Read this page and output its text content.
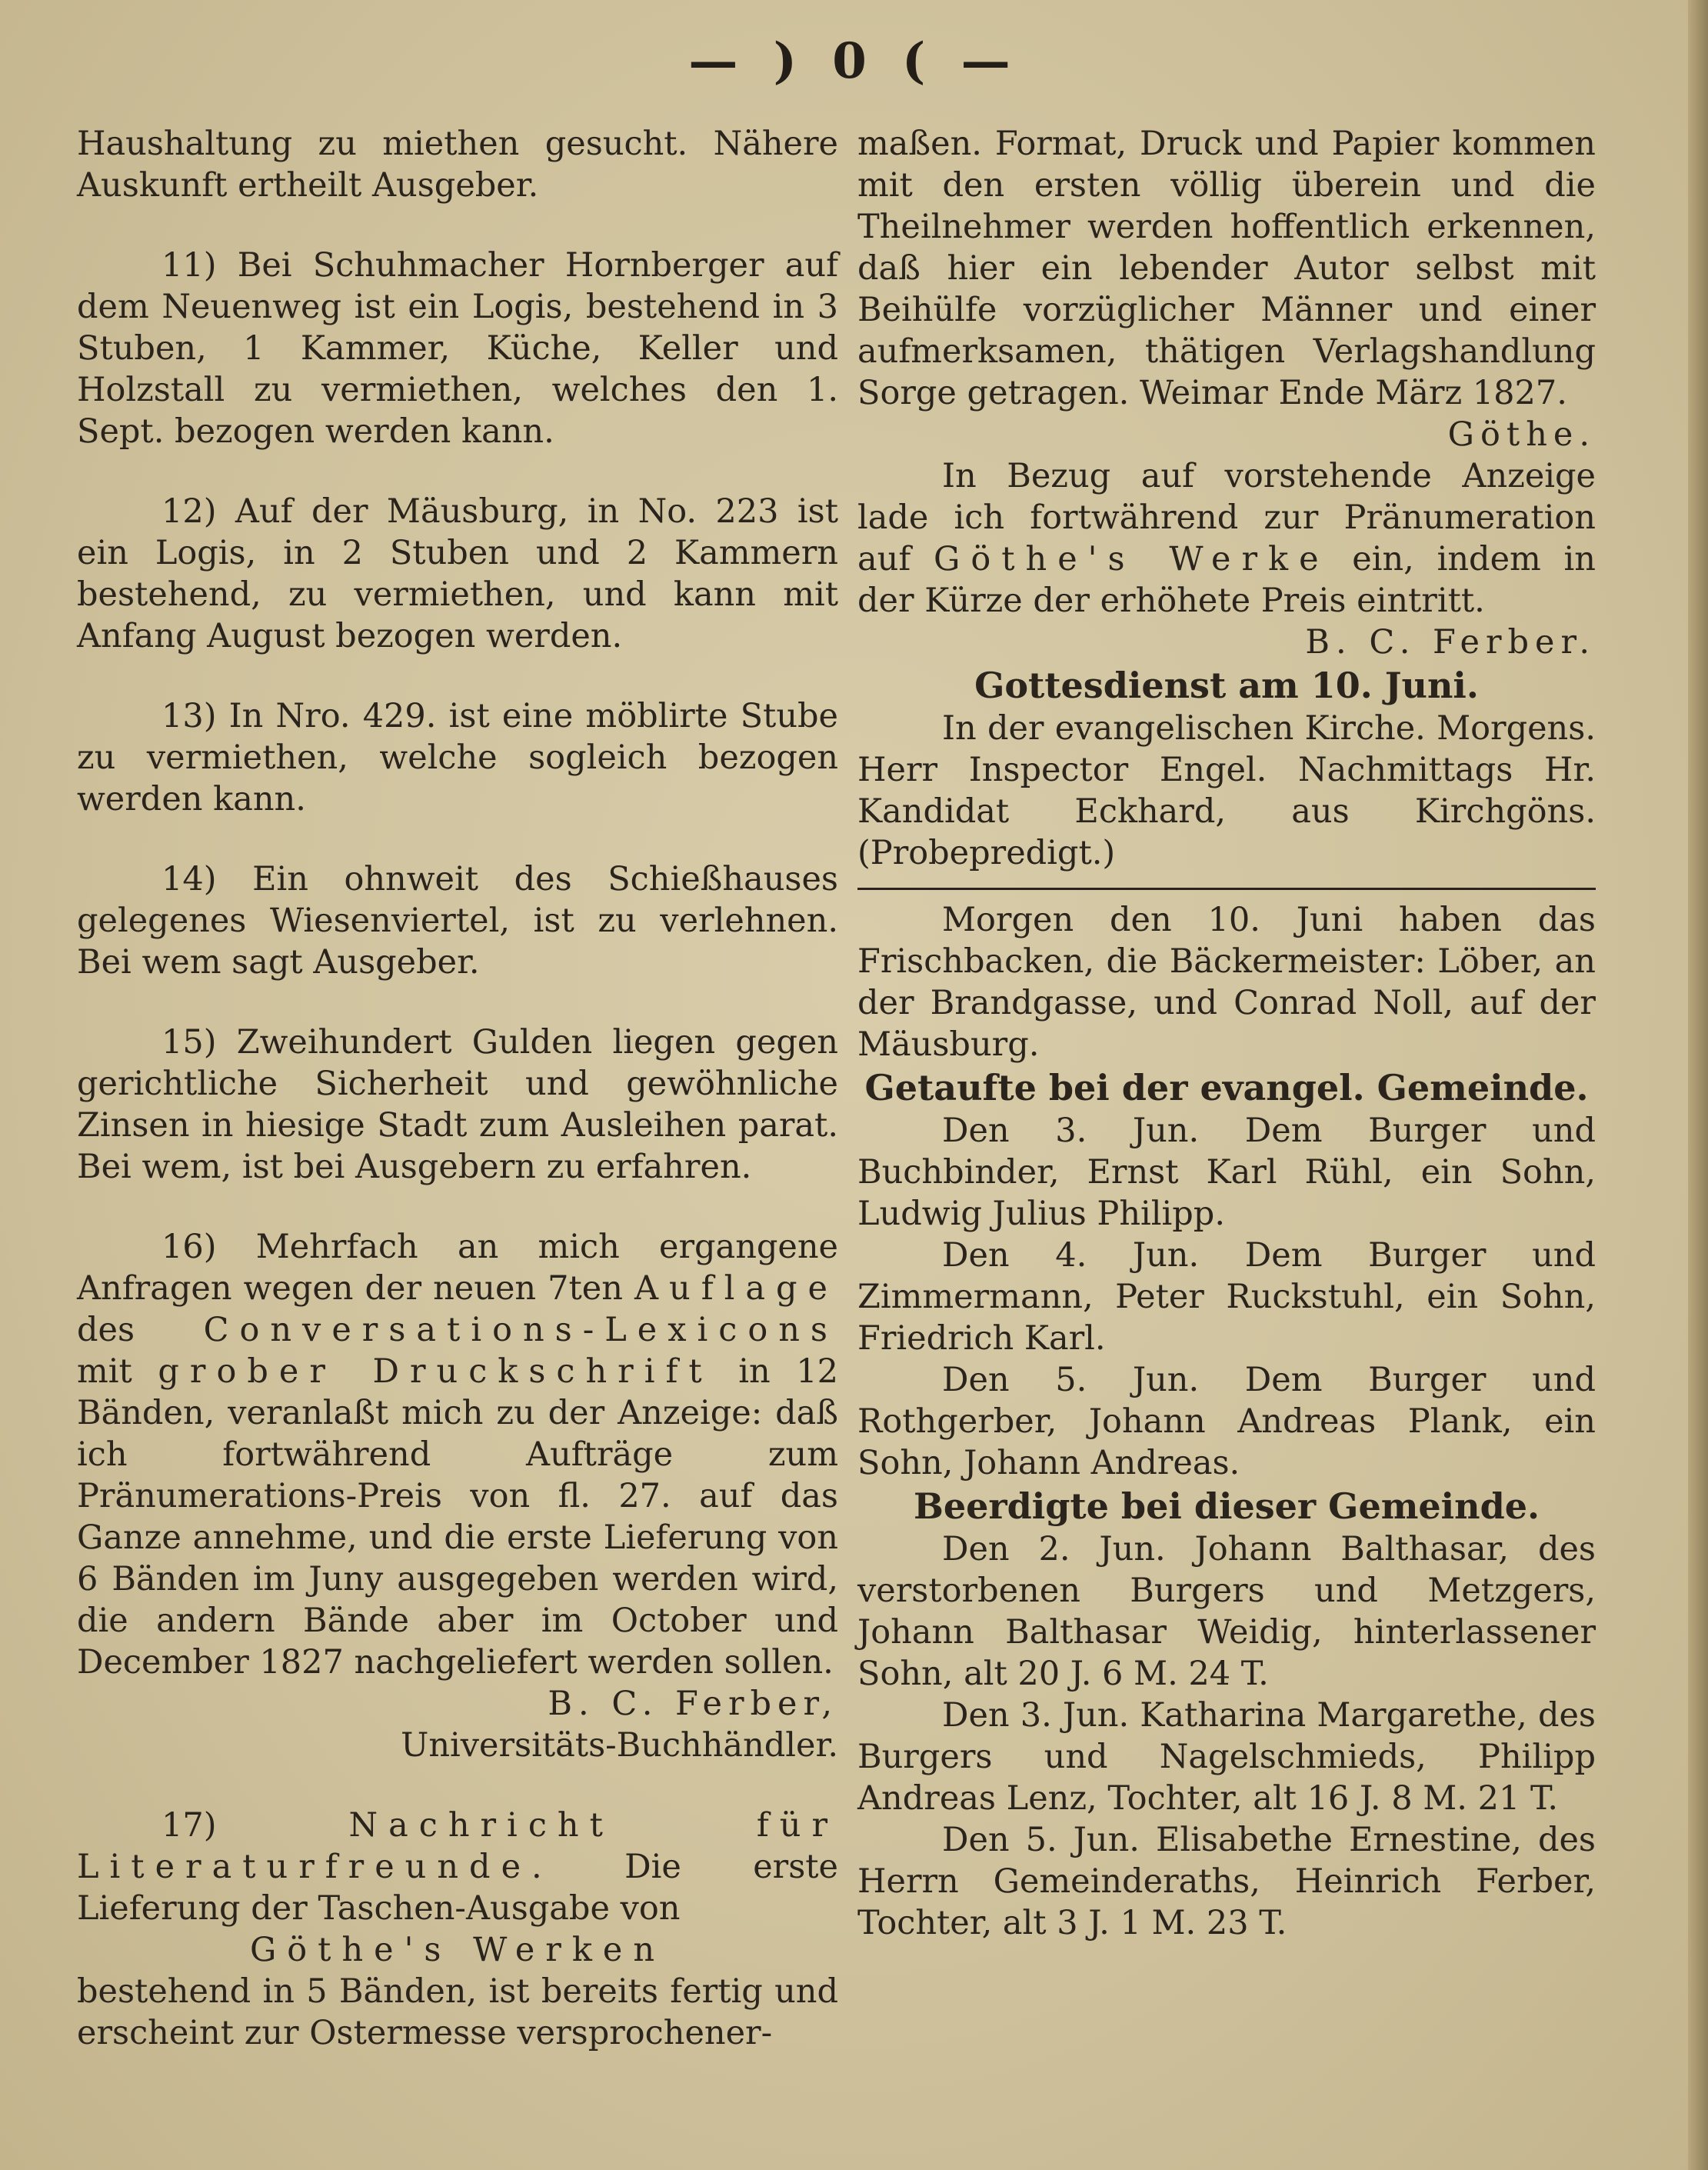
— ) 0 ( —

Haushaltung zu miethen gesucht. Nähere Auskunft ertheilt Ausgeber.

11) Bei Schuhmacher Hornberger auf dem Neuenweg ist ein Logis, bestehend in 3 Stuben, 1 Kammer, Küche, Keller und Holzstall zu vermiethen, welches den 1. Sept. bezogen werden kann.

12) Auf der Mäusburg, in No. 223 ist ein Logis, in 2 Stuben und 2 Kammern bestehend, zu vermiethen, und kann mit Anfang August bezogen werden.

13) In Nro. 429. ist eine möblirte Stube zu vermiethen, welche sogleich bezogen werden kann.

14) Ein ohnweit des Schießhauses gelegenes Wiesenviertel, ist zu verlehnen. Bei wem sagt Ausgeber.

15) Zweihundert Gulden liegen gegen gerichtliche Sicherheit und gewöhnliche Zinsen in hiesige Stadt zum Ausleihen parat. Bei wem, ist bei Ausgebern zu erfahren.

16) Mehrfach an mich ergangene Anfragen wegen der neuen 7ten Auflage des Conversations-Lexicons mit grober Druckschrift in 12 Bänden, veranlaßt mich zu der Anzeige: daß ich fortwährend Aufträge zum Pränumerations-Preis von fl. 27. auf das Ganze annehme, und die erste Lieferung von 6 Bänden im Juny ausgegeben werden wird, die andern Bände aber im October und December 1827 nachgeliefert werden sollen.

B. C. Ferber,

Universitäts-Buchhändler.

17)	Nachricht für Literaturfreunde. Die erste Lieferung der Taschen-Ausgabe von

Göthe's Werken

bestehend in 5 Bänden, ist bereits fertig und erscheint zur Ostermesse versprochener-

maßen. Format, Druck und Papier kommen mit den ersten völlig überein und die Theilnehmer werden hoffentlich erkennen, daß hier ein lebender Autor selbst mit Beihülfe vorzüglicher Männer und einer aufmerksamen, thätigen Verlagshandlung Sorge getragen. Weimar Ende März 1827.

Göthe.

In Bezug auf vorstehende Anzeige lade ich fortwährend zur Pränumeration auf Göthe's Werke ein, indem in der Kürze der erhöhete Preis eintritt.

B. C. Ferber.

Gottesdienst am 10. Juni.

In der evangelischen Kirche. Morgens. Herr Inspector Engel. Nachmittags Hr. Kandidat Eckhard, aus Kirchgöns. (Probepredigt.)

Morgen den 10. Juni haben das Frischbacken, die Bäckermeister: Löber, an der Brandgasse, und Conrad Noll, auf der Mäusburg.

Getaufte bei der evangel. Gemeinde.

Den 3. Jun. Dem Burger und Buchbinder, Ernst Karl Rühl, ein Sohn, Ludwig Julius Philipp.

Den 4. Jun. Dem Burger und Zimmermann, Peter Ruckstuhl, ein Sohn, Friedrich Karl.

Den 5. Jun. Dem Burger und Rothgerber, Johann Andreas Plank, ein Sohn, Johann Andreas.

Beerdigte bei dieser Gemeinde.

Den 2. Jun. Johann Balthasar, des verstorbenen Burgers und Metzgers, Johann Balthasar Weidig, hinterlassener Sohn, alt 20 J. 6 M. 24 T.

Den 3. Jun. Katharina Margarethe, des Burgers und Nagelschmieds, Philipp Andreas Lenz, Tochter, alt 16 J. 8 M. 21 T.

Den 5. Jun. Elisabethe Ernestine, des Herrn Gemeinderaths, Heinrich Ferber, Tochter, alt 3 J. 1 M. 23 T.
